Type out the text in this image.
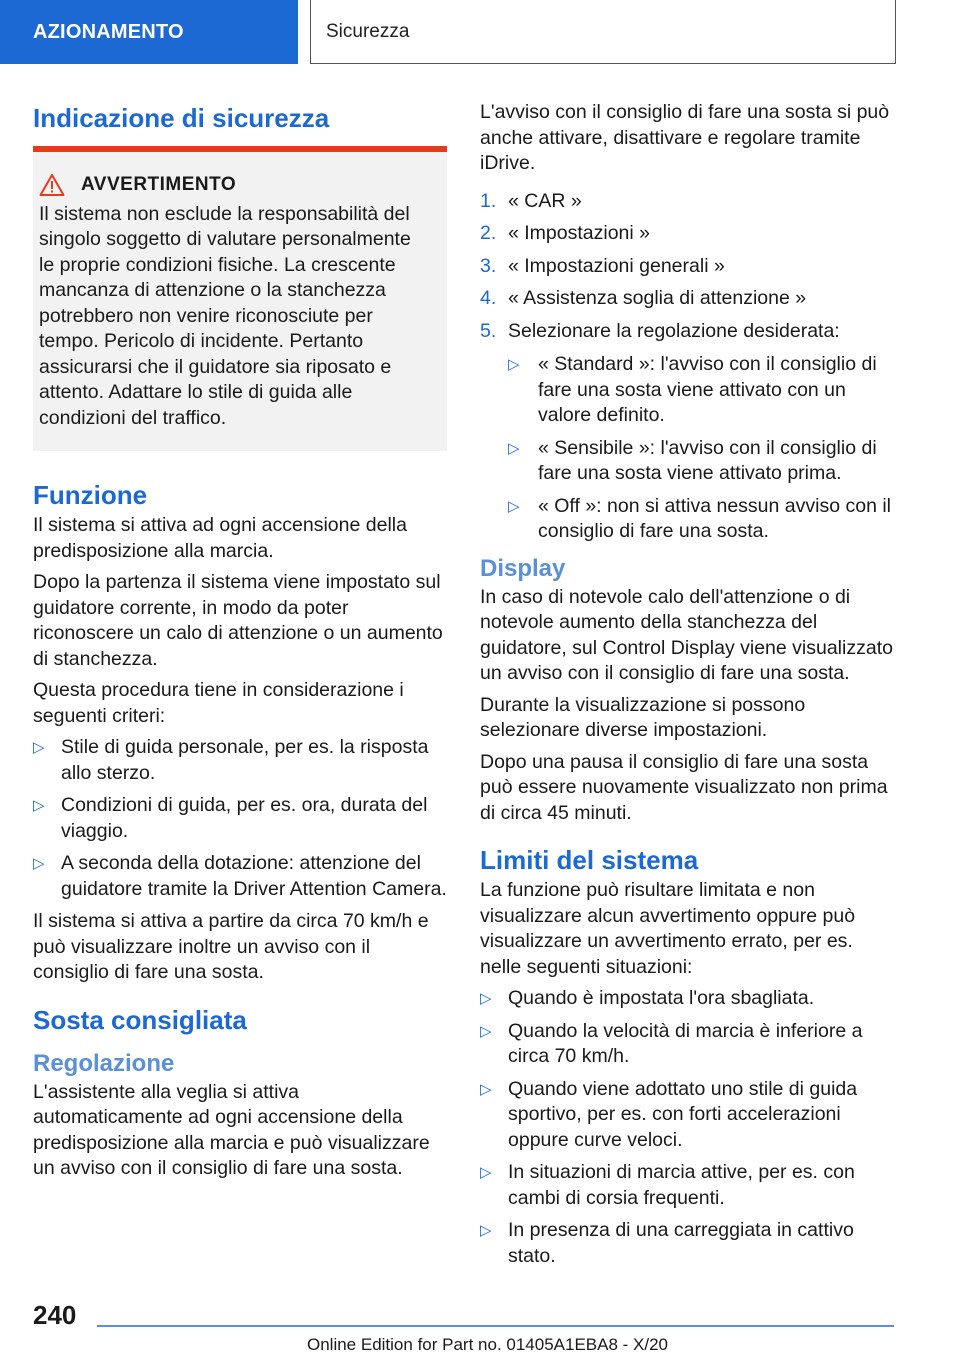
AZIONAMENTO	Sicurezza
Indicazione di sicurezza
AVVERTIMENTO

Il sistema non esclude la responsabilità del singolo soggetto di valutare personalmente le proprie condizioni fisiche. La crescente mancanza di attenzione o la stanchezza potrebbero non venire riconosciute per tempo. Pericolo di incidente. Pertanto assicurarsi che il guidatore sia riposato e attento. Adattare lo stile di guida alle condizioni del traffico.

Funzione

Il sistema si attiva ad ogni accensione della predisposizione alla marcia.

Dopo la partenza il sistema viene impostato sul guidatore corrente, in modo da poter riconoscere un calo di attenzione o un aumento di stanchezza.

Questa procedura tiene in considerazione i seguenti criteri:

▷ Stile di guida personale, per es. la risposta allo sterzo.
▷ Condizioni di guida, per es. ora, durata del viaggio.
▷ A seconda della dotazione: attenzione del guidatore tramite la Driver Attention Camera.

Il sistema si attiva a partire da circa 70 km/h e può visualizzare inoltre un avviso con il consiglio di fare una sosta.

Sosta consigliata
Regolazione

L'assistente alla veglia si attiva automaticamente ad ogni accensione della predisposizione alla marcia e può visualizzare un avviso con il consiglio di fare una sosta.

L'avviso con il consiglio di fare una sosta si può anche attivare, disattivare e regolare tramite iDrive.

1. « CAR »
2. « Impostazioni »
3. « Impostazioni generali »
4. « Assistenza soglia di attenzione »
5. Selezionare la regolazione desiderata:
▷ « Standard »: l'avviso con il consiglio di fare una sosta viene attivato con un valore definito.
▷ « Sensibile »: l'avviso con il consiglio di fare una sosta viene attivato prima.
▷ « Off »: non si attiva nessun avviso con il consiglio di fare una sosta.
Display

In caso di notevole calo dell'attenzione o di notevole aumento della stanchezza del guidatore, sul Control Display viene visualizzato un avviso con il consiglio di fare una sosta.

Durante la visualizzazione si possono selezionare diverse impostazioni.

Dopo una pausa il consiglio di fare una sosta può essere nuovamente visualizzato non prima di circa 45 minuti.

Limiti del sistema

La funzione può risultare limitata e non visualizzare alcun avvertimento oppure può visualizzare un avvertimento errato, per es. nelle seguenti situazioni:

▷ Quando è impostata l'ora sbagliata.
▷ Quando la velocità di marcia è inferiore a circa 70 km/h.
▷ Quando viene adottato uno stile di guida sportivo, per es. con forti accelerazioni oppure curve veloci.
▷ In situazioni di marcia attive, per es. con cambi di corsia frequenti.
▷ In presenza di una carreggiata in cattivo stato.
240
Online Edition for Part no. 01405A1EBA8 - X/20
